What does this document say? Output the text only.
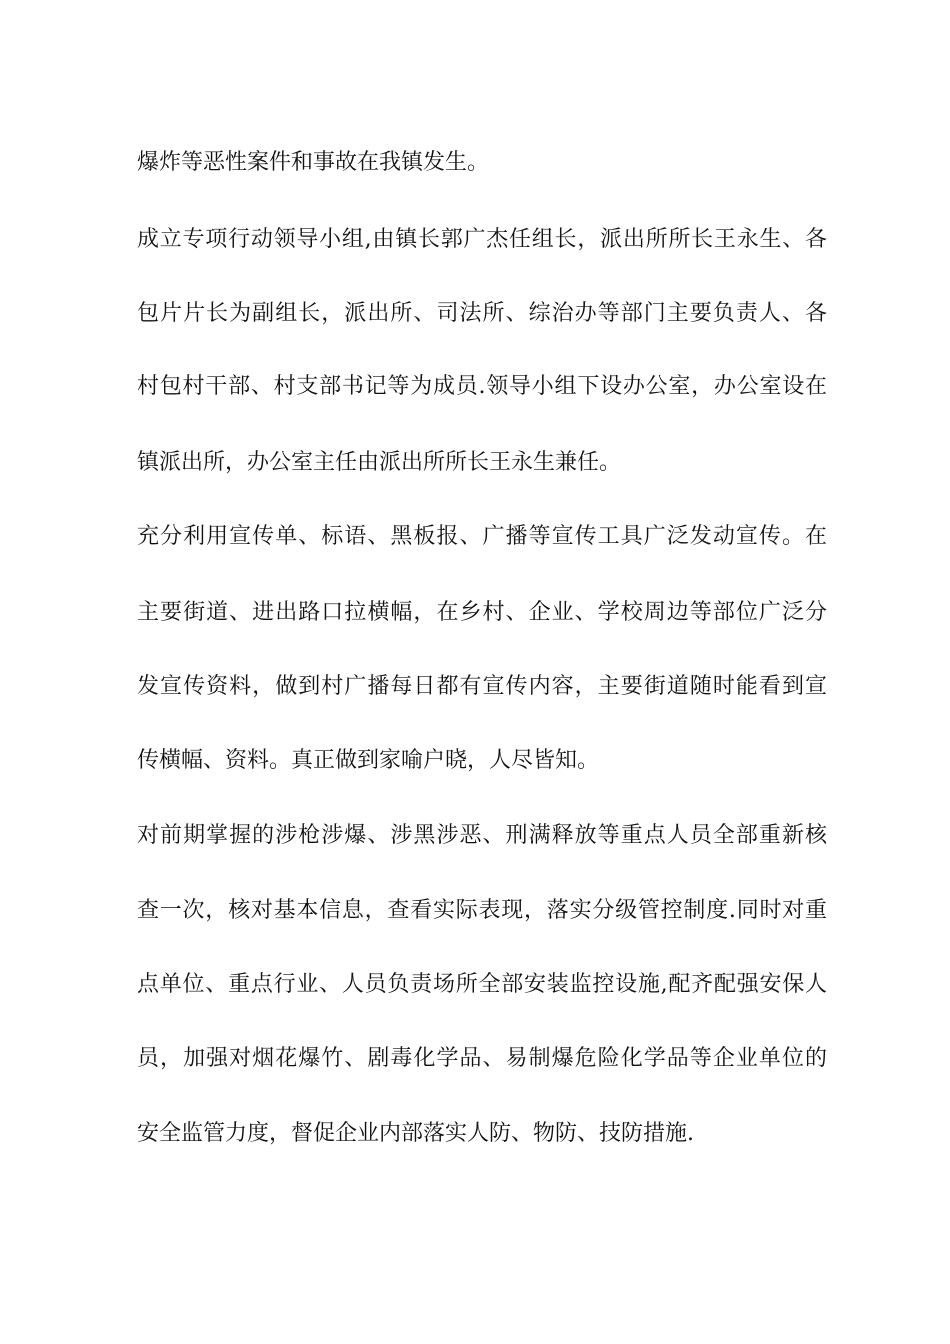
爆炸等恶性案件和事故在我镇发生。
成立专项行动领导小组,由镇长郭广杰任组长，派出所所长王永生、各
包片片长为副组长，派出所、司法所、综治办等部门主要负责人、各
村包村干部、村支部书记等为成员.领导小组下设办公室，办公室设在
镇派出所，办公室主任由派出所所长王永生兼任。
充分利用宣传单、标语、黑板报、广播等宣传工具广泛发动宣传。在
主要街道、进出路口拉横幅，在乡村、企业、学校周边等部位广泛分
发宣传资料，做到村广播每日都有宣传内容，主要街道随时能看到宣
传横幅、资料。真正做到家喻户晓，人尽皆知。
对前期掌握的涉枪涉爆、涉黑涉恶、刑满释放等重点人员全部重新核
查一次，核对基本信息，查看实际表现，落实分级管控制度.同时对重
点单位、重点行业、人员负责场所全部安装监控设施,配齐配强安保人
员，加强对烟花爆竹、剧毒化学品、易制爆危险化学品等企业单位的
安全监管力度，督促企业内部落实人防、物防、技防措施.
